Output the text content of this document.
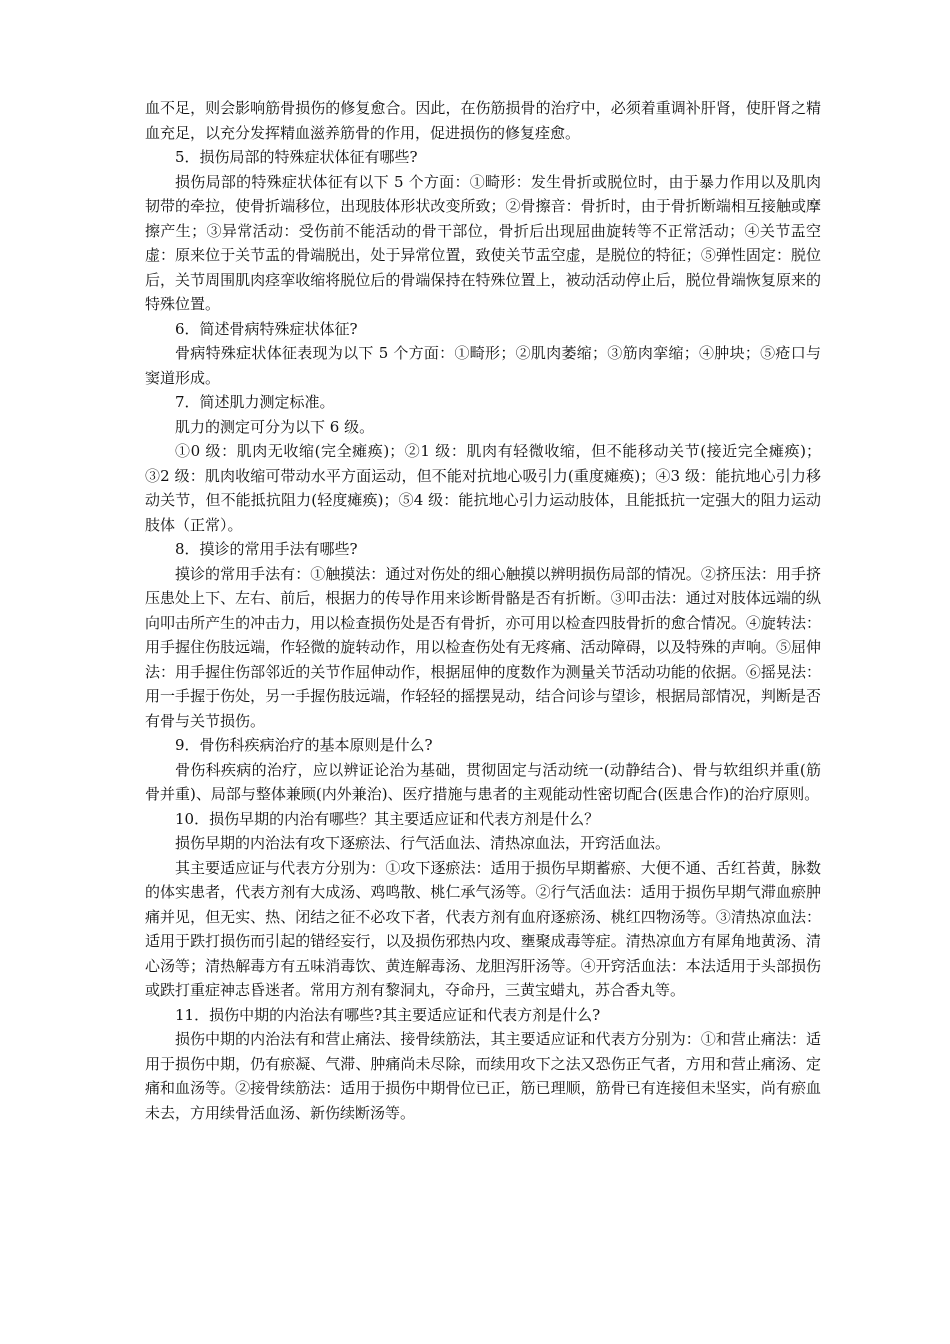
血不足，则会影响筋骨损伤的修复愈合。因此，在伤筋损骨的治疗中，必须着重调补肝肾，使肝肾之精血充足，以充分发挥精血滋养筋骨的作用，促进损伤的修复痊愈。

5．损伤局部的特殊症状体征有哪些?

损伤局部的特殊症状体征有以下 5 个方面：①畸形：发生骨折或脱位时，由于暴力作用以及肌肉韧带的牵拉，使骨折端移位，出现肢体形状改变所致；②骨擦音：骨折时，由于骨折断端相互接触或摩擦产生；③异常活动：受伤前不能活动的骨干部位，骨折后出现屈曲旋转等不正常活动；④关节盂空虚：原来位于关节盂的骨端脱出，处于异常位置，致使关节盂空虚，是脱位的特征；⑤弹性固定：脱位后，关节周围肌肉痉挛收缩将脱位后的骨端保持在特殊位置上，被动活动停止后，脱位骨端恢复原来的特殊位置。

6．简述骨病特殊症状体征?

骨病特殊症状体征表现为以下 5 个方面：①畸形；②肌肉萎缩；③筋肉挛缩；④肿块；⑤疮口与窦道形成。

7．简述肌力测定标准。

肌力的测定可分为以下 6 级。

①0 级：肌肉无收缩(完全瘫痪)；②1 级：肌肉有轻微收缩，但不能移动关节(接近完全瘫痪)；③2 级：肌肉收缩可带动水平方面运动，但不能对抗地心吸引力(重度瘫痪)；④3 级：能抗地心引力移动关节，但不能抵抗阻力(轻度瘫痪)；⑤4 级：能抗地心引力运动肢体，且能抵抗一定强大的阻力运动肢体（正常）。

8．摸诊的常用手法有哪些?

摸诊的常用手法有：①触摸法：通过对伤处的细心触摸以辨明损伤局部的情况。②挤压法：用手挤压患处上下、左右、前后，根据力的传导作用来诊断骨骼是否有折断。③叩击法：通过对肢体远端的纵向叩击所产生的冲击力，用以检查损伤处是否有骨折，亦可用以检查四肢骨折的愈合情况。④旋转法：用手握住伤肢远端，作轻微的旋转动作，用以检查伤处有无疼痛、活动障碍，以及特殊的声响。⑤屈伸法：用手握住伤部邻近的关节作屈伸动作，根据屈伸的度数作为测量关节活动功能的依据。⑥摇晃法：用一手握于伤处，另一手握伤肢远端，作轻轻的摇摆晃动，结合问诊与望诊，根据局部情况，判断是否有骨与关节损伤。

9．骨伤科疾病治疗的基本原则是什么?

骨伤科疾病的治疗，应以辨证论治为基础，贯彻固定与活动统一(动静结合)、骨与软组织并重(筋骨并重)、局部与整体兼顾(内外兼治)、医疗措施与患者的主观能动性密切配合(医患合作)的治疗原则。

10．损伤早期的内治有哪些？其主要适应证和代表方剂是什么？

损伤早期的内治法有攻下逐瘀法、行气活血法、清热凉血法，开窍活血法。

其主要适应证与代表方分别为：①攻下逐瘀法：适用于损伤早期蓄瘀、大便不通、舌红苔黄，脉数的体实患者，代表方剂有大成汤、鸡鸣散、桃仁承气汤等。②行气活血法：适用于损伤早期气滞血瘀肿痛并见，但无实、热、闭结之征不必攻下者，代表方剂有血府逐瘀汤、桃红四物汤等。③清热凉血法：适用于跌打损伤而引起的错经妄行，以及损伤邪热内攻、壅聚成毒等症。清热凉血方有犀角地黄汤、清心汤等；清热解毒方有五味消毒饮、黄连解毒汤、龙胆泻肝汤等。④开窍活血法：本法适用于头部损伤或跌打重症神志昏迷者。常用方剂有黎洞丸，夺命丹，三黄宝蜡丸，苏合香丸等。

11．损伤中期的内治法有哪些?其主要适应证和代表方剂是什么?

损伤中期的内治法有和营止痛法、接骨续筋法，其主要适应证和代表方分别为：①和营止痛法：适用于损伤中期，仍有瘀凝、气滞、肿痛尚未尽除，而续用攻下之法又恐伤正气者，方用和营止痛汤、定痛和血汤等。②接骨续筋法：适用于损伤中期骨位已正，筋已理顺，筋骨已有连接但未坚实，尚有瘀血未去，方用续骨活血汤、新伤续断汤等。
